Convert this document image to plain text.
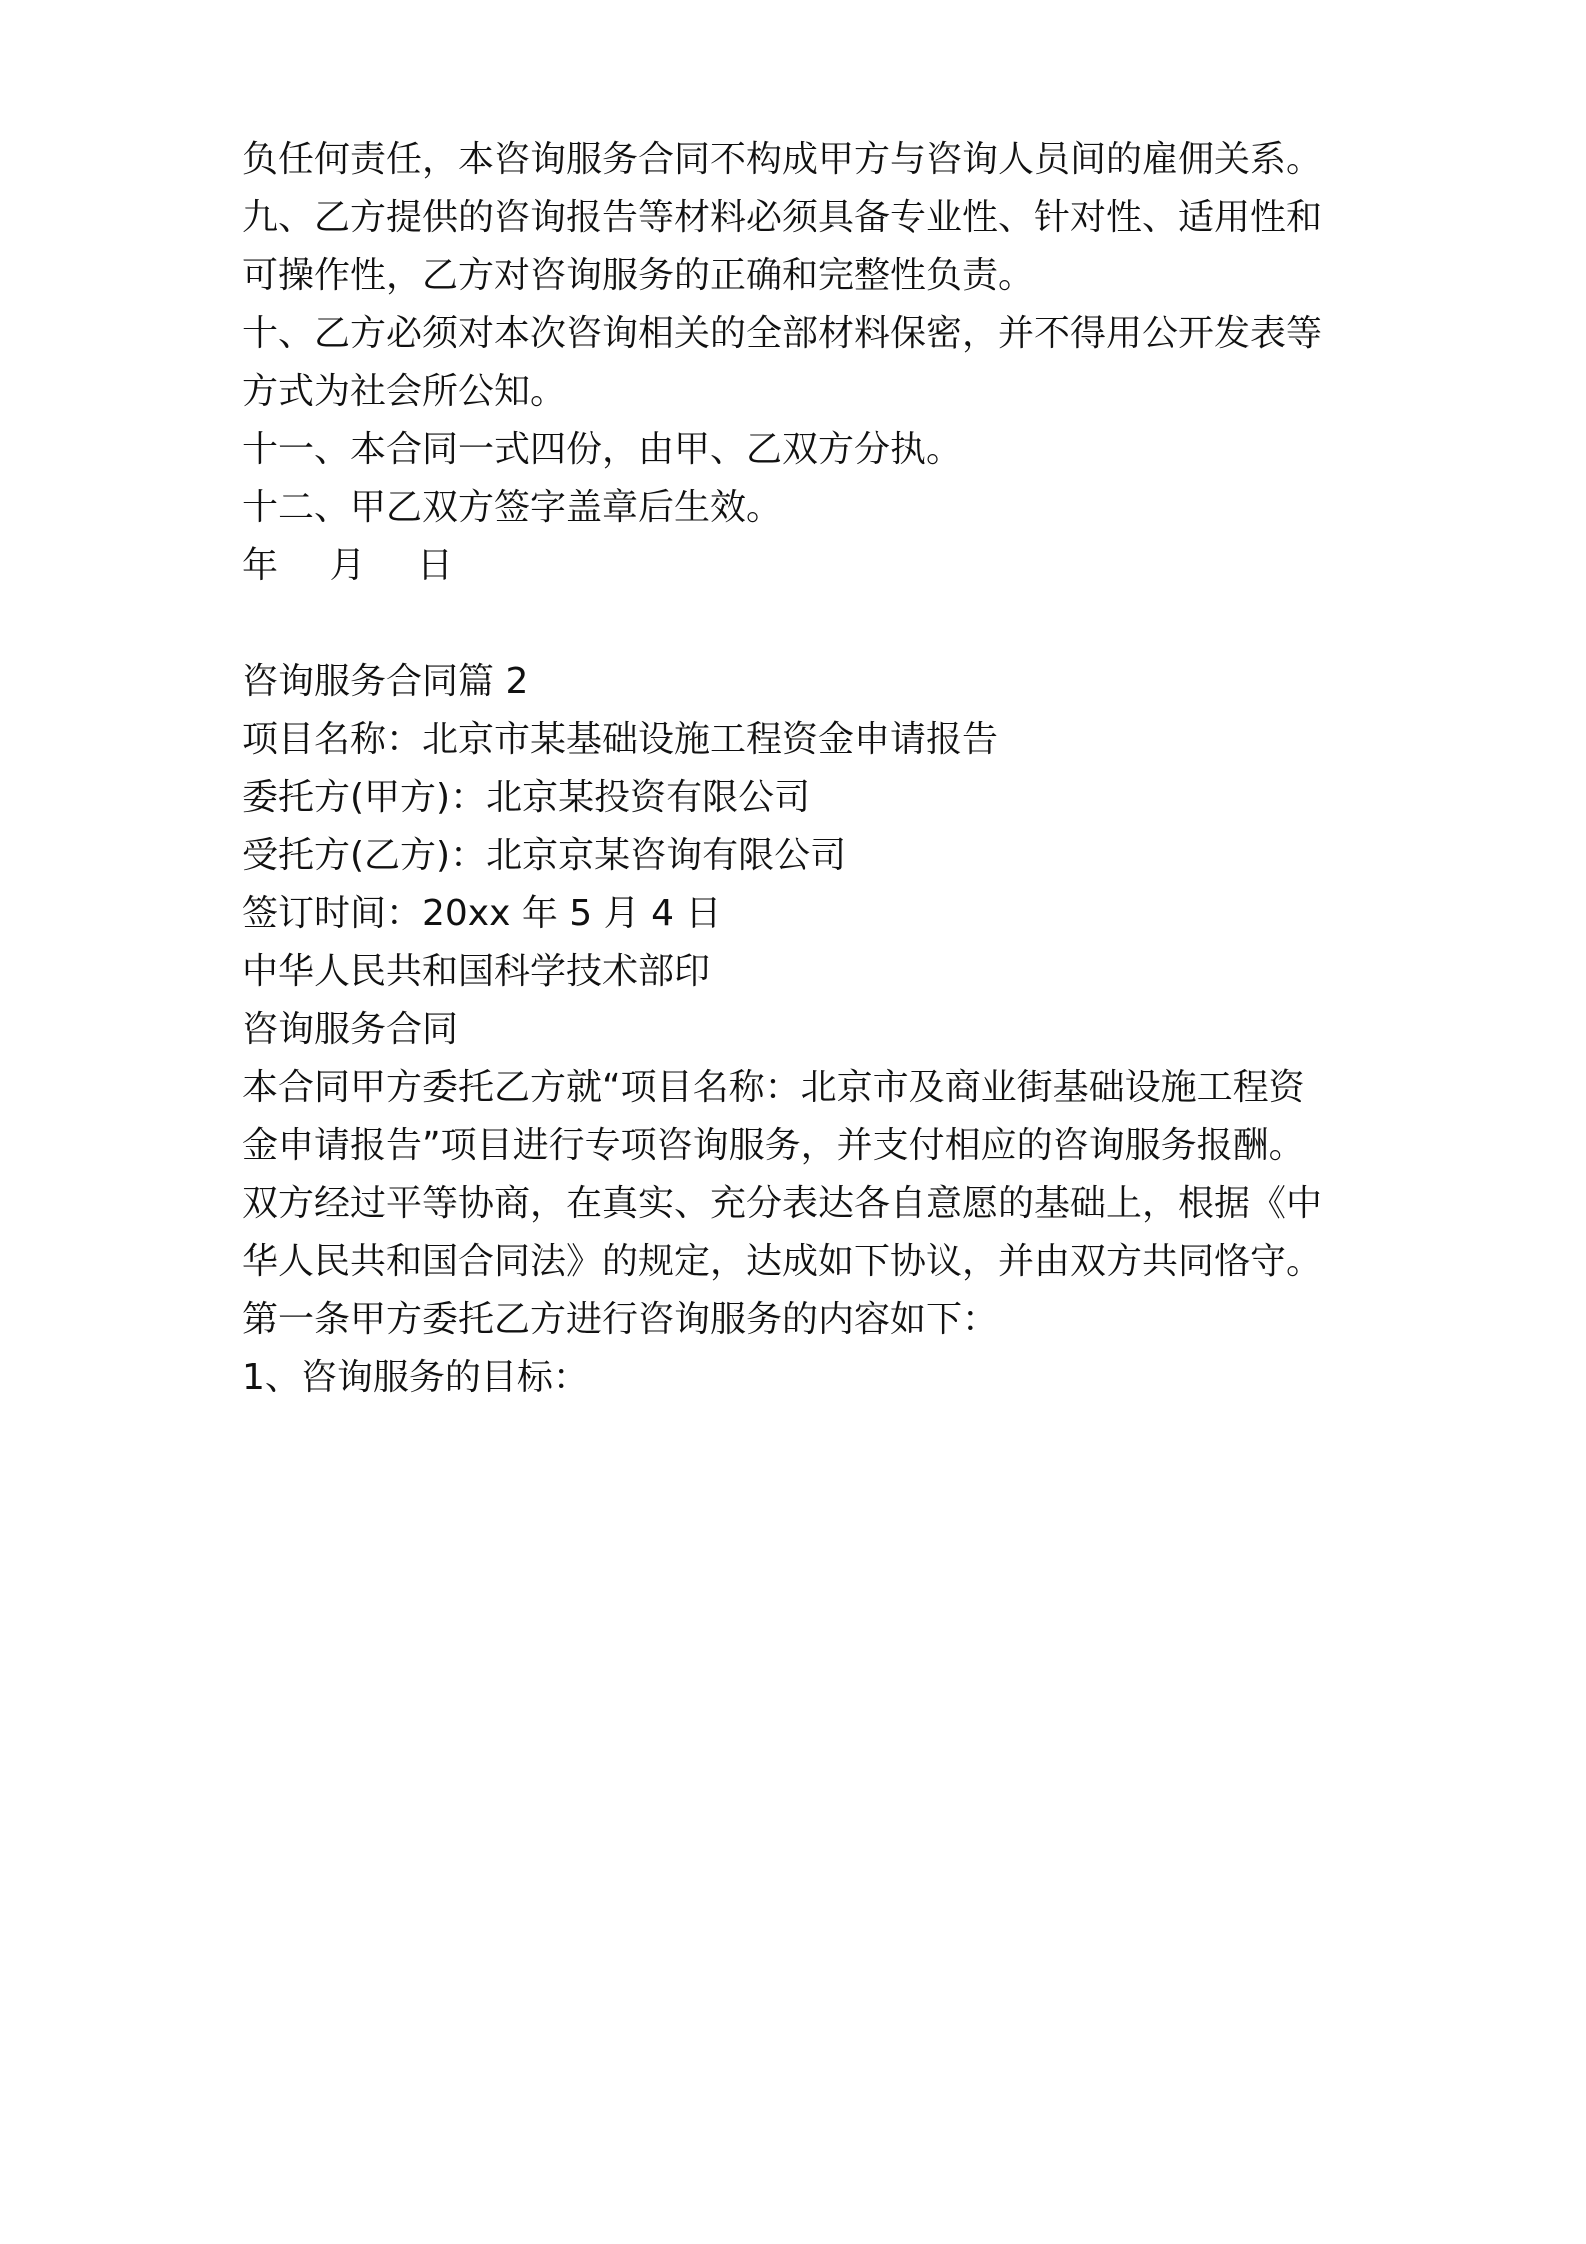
负任何责任，本咨询服务合同不构成甲方与咨询人员间的雇佣关系。
九、乙方提供的咨询报告等材料必须具备专业性、针对性、适用性和
可操作性，乙方对咨询服务的正确和完整性负责。
十、乙方必须对本次咨询相关的全部材料保密，并不得用公开发表等
方式为社会所公知。
十一、本合同一式四份，由甲、乙双方分执。
十二、甲乙双方签字盖章后生效。
年 月 日
咨询服务合同篇 2
项目名称：北京市某基础设施工程资金申请报告
委托方(甲方)：北京某投资有限公司
受托方(乙方)：北京京某咨询有限公司
签订时间：20xx 年 5 月 4 日
中华人民共和国科学技术部印
咨询服务合同
本合同甲方委托乙方就“项目名称：北京市及商业街基础设施工程资
金申请报告”项目进行专项咨询服务，并支付相应的咨询服务报酬。
双方经过平等协商，在真实、充分表达各自意愿的基础上，根据《中
华人民共和国合同法》的规定，达成如下协议，并由双方共同恪守。
第一条甲方委托乙方进行咨询服务的内容如下：
1、咨询服务的目标：
